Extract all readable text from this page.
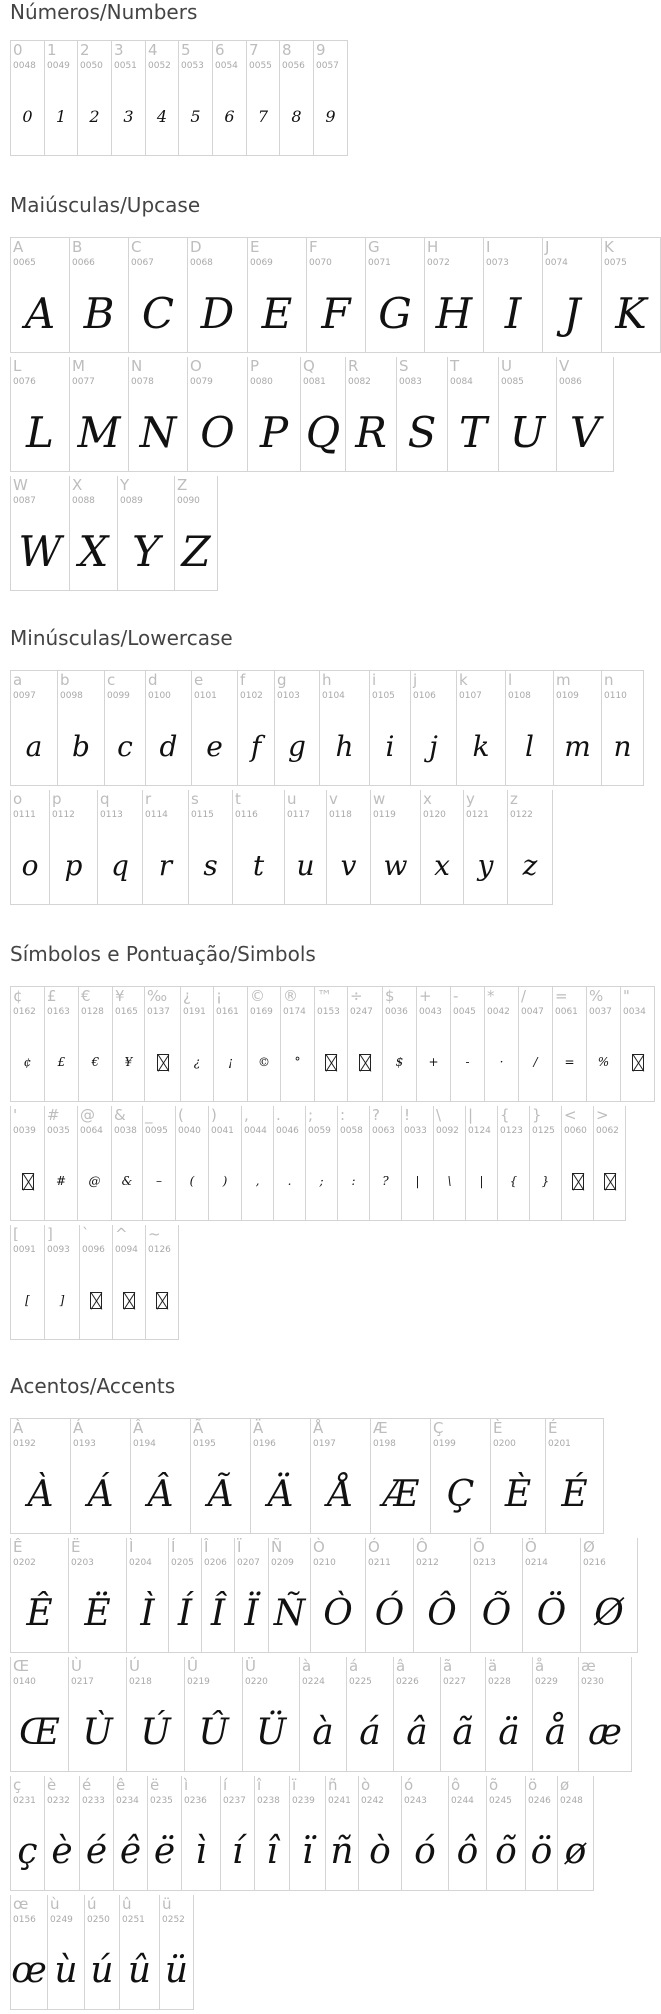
Números/Numbers
0
0048
0
1
0049
1
2
0050
2
3
0051
3
4
0052
4
5
0053
5
6
0054
6
7
0055
7
8
0056
8
9
0057
9
Maiúsculas/Upcase
A
0065
A
B
0066
B
C
0067
C
D
0068
D
E
0069
E
F
0070
F
G
0071
G
H
0072
H
I
0073
I
J
0074
J
K
0075
K
L
0076
L
M
0077
M
N
0078
N
O
0079
O
P
0080
P
Q
0081
Q
R
0082
R
S
0083
S
T
0084
T
U
0085
U
V
0086
V
W
0087
W
X
0088
X
Y
0089
Y
Z
0090
Z
Minúsculas/Lowercase
a
0097
a
b
0098
b
c
0099
c
d
0100
d
e
0101
e
f
0102
f
g
0103
g
h
0104
h
i
0105
i
j
0106
j
k
0107
k
l
0108
l
m
0109
m
n
0110
n
o
0111
o
p
0112
p
q
0113
q
r
0114
r
s
0115
s
t
0116
t
u
0117
u
v
0118
v
w
0119
w
x
0120
x
y
0121
y
z
0122
z
Símbolos e Pontuação/Simbols
¢
0162
¢
£
0163
£
€
0128
€
¥
0165
¥
‰
0137
¿
0191
¿
¡
0161
¡
©
0169
©
®
0174
°
™
0153
÷
0247
$
0036
$
+
0043
+
-
0045
-
*
0042
·
/
0047
/
=
0061
=
%
0037
%
"
0034
'
0039
#
0035
#
@
0064
@
&
0038
&
_
0095
–
(
0040
(
)
0041
)
,
0044
,
.
0046
.
;
0059
;
:
0058
:
?
0063
?
!
0033
|
\
0092
\
|
0124
|
{
0123
{
}
0125
}
<
0060
>
0062
[
0091
[
]
0093
]
`
0096
^
0094
~
0126
Acentos/Accents
À
0192
À
Á
0193
Á
Â
0194
Â
Ã
0195
Ã
Ä
0196
Ä
Å
0197
Å
Æ
0198
Æ
Ç
0199
Ç
È
0200
È
É
0201
É
Ê
0202
Ê
Ë
0203
Ë
Ì
0204
Ì
Í
0205
Í
Î
0206
Î
Ï
0207
Ï
Ñ
0209
Ñ
Ò
0210
Ò
Ó
0211
Ó
Ô
0212
Ô
Õ
0213
Õ
Ö
0214
Ö
Ø
0216
Ø
Œ
0140
Œ
Ù
0217
Ù
Ú
0218
Ú
Û
0219
Û
Ü
0220
Ü
à
0224
à
á
0225
á
â
0226
â
ã
0227
ã
ä
0228
ä
å
0229
å
æ
0230
æ
ç
0231
ç
è
0232
è
é
0233
é
ê
0234
ê
ë
0235
ë
ì
0236
ì
í
0237
í
î
0238
î
ï
0239
ï
ñ
0241
ñ
ò
0242
ò
ó
0243
ó
ô
0244
ô
õ
0245
õ
ö
0246
ö
ø
0248
ø
œ
0156
œ
ù
0249
ù
ú
0250
ú
û
0251
û
ü
0252
ü
